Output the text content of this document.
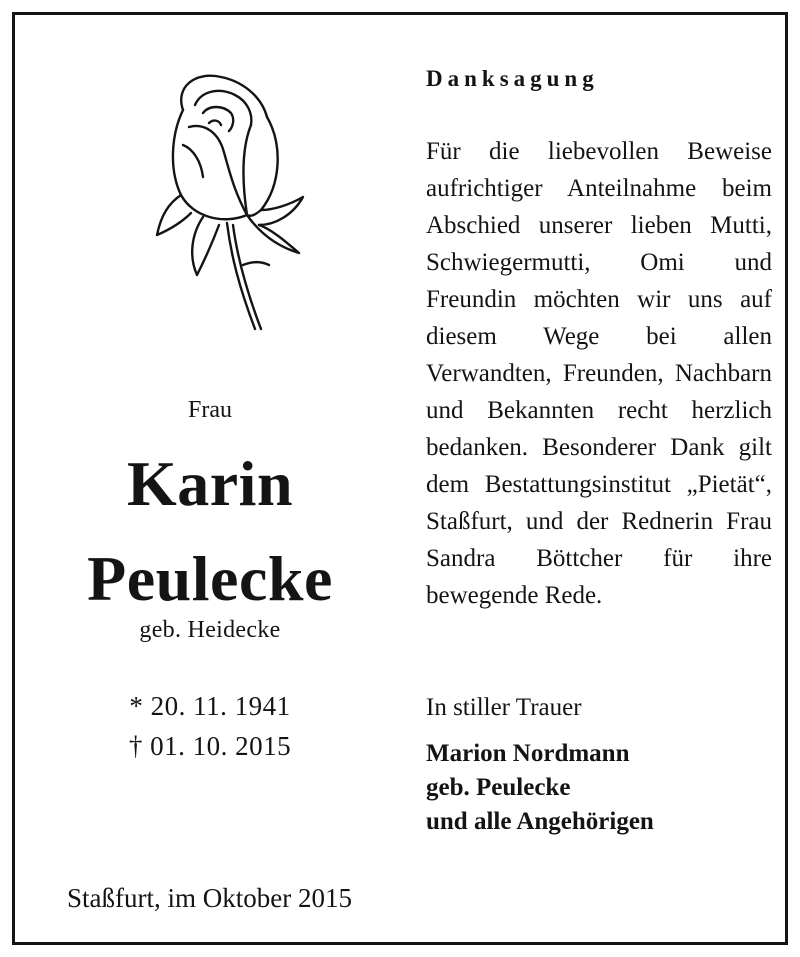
Frau
Karin
Peulecke
geb. Heidecke
* 20. 11. 1941
† 01. 10. 2015
Staßfurt, im Oktober 2015
Danksagung
Für die liebevollen Beweise aufrichtiger Anteilnahme beim Abschied unserer lieben Mutti, Schwiegermutti, Omi und Freundin möchten wir uns auf diesem Wege bei allen Verwandten, Freunden, Nachbarn und Bekannten recht herzlich bedanken. Besonderer Dank gilt dem Bestattungsinstitut „Pietät“, Staßfurt, und der Rednerin Frau Sandra Böttcher für ihre bewegende Rede.
In stiller Trauer
Marion Nordmann
geb. Peulecke
und alle Angehörigen
